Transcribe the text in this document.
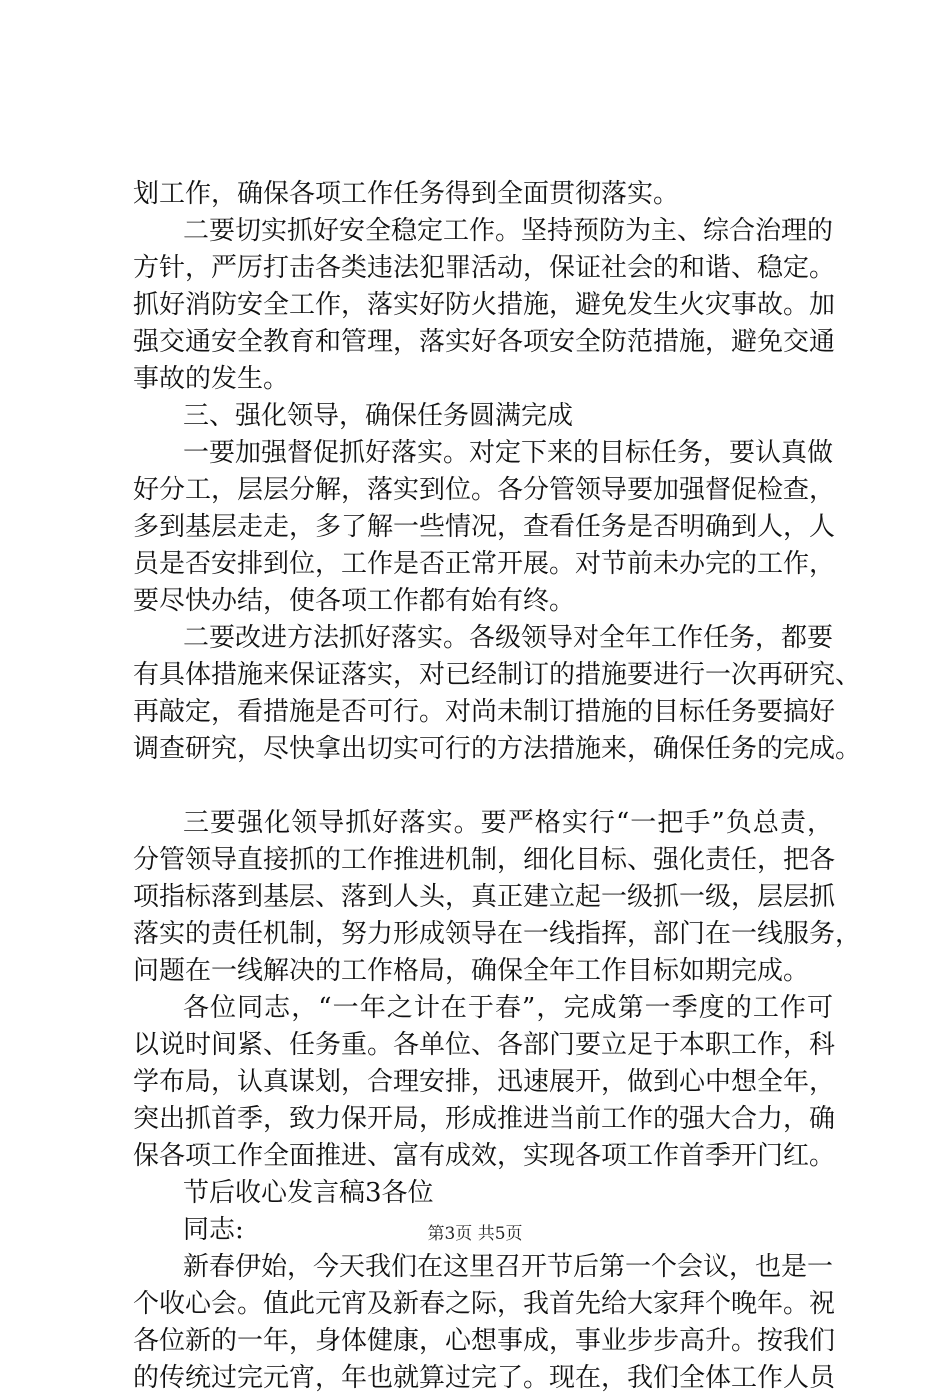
划工作，确保各项工作任务得到全面贯彻落实。
二要切实抓好安全稳定工作。坚持预防为主、综合治理的
方针，严厉打击各类违法犯罪活动，保证社会的和谐、稳定。
抓好消防安全工作，落实好防火措施，避免发生火灾事故。加
强交通安全教育和管理，落实好各项安全防范措施，避免交通
事故的发生。
三、强化领导，确保任务圆满完成
一要加强督促抓好落实。对定下来的目标任务，要认真做
好分工，层层分解，落实到位。各分管领导要加强督促检查，
多到基层走走，多了解一些情况，查看任务是否明确到人，人
员是否安排到位，工作是否正常开展。对节前未办完的工作，
要尽快办结，使各项工作都有始有终。
二要改进方法抓好落实。各级领导对全年工作任务，都要
有具体措施来保证落实，对已经制订的措施要进行一次再研究、
再敲定，看措施是否可行。对尚未制订措施的目标任务要搞好
调查研究，尽快拿出切实可行的方法措施来，确保任务的完成。
三要强化领导抓好落实。要严格实行“一把手”负总责，
分管领导直接抓的工作推进机制，细化目标、强化责任，把各
项指标落到基层、落到人头，真正建立起一级抓一级，层层抓
落实的责任机制，努力形成领导在一线指挥，部门在一线服务，
问题在一线解决的工作格局，确保全年工作目标如期完成。
各位同志，“一年之计在于春”，完成第一季度的工作可
以说时间紧、任务重。各单位、各部门要立足于本职工作，科
学布局，认真谋划，合理安排，迅速展开，做到心中想全年，
突出抓首季，致力保开局，形成推进当前工作的强大合力，确
保各项工作全面推进、富有成效，实现各项工作首季开门红。
节后收心发言稿3各位
同志:
新春伊始，今天我们在这里召开节后第一个会议，也是一
个收心会。值此元宵及新春之际，我首先给大家拜个晚年。祝
各位新的一年，身体健康，心想事成，事业步步高升。按我们
的传统过完元宵，年也就算过完了。现在，我们全体工作人员
第3页 共5页
